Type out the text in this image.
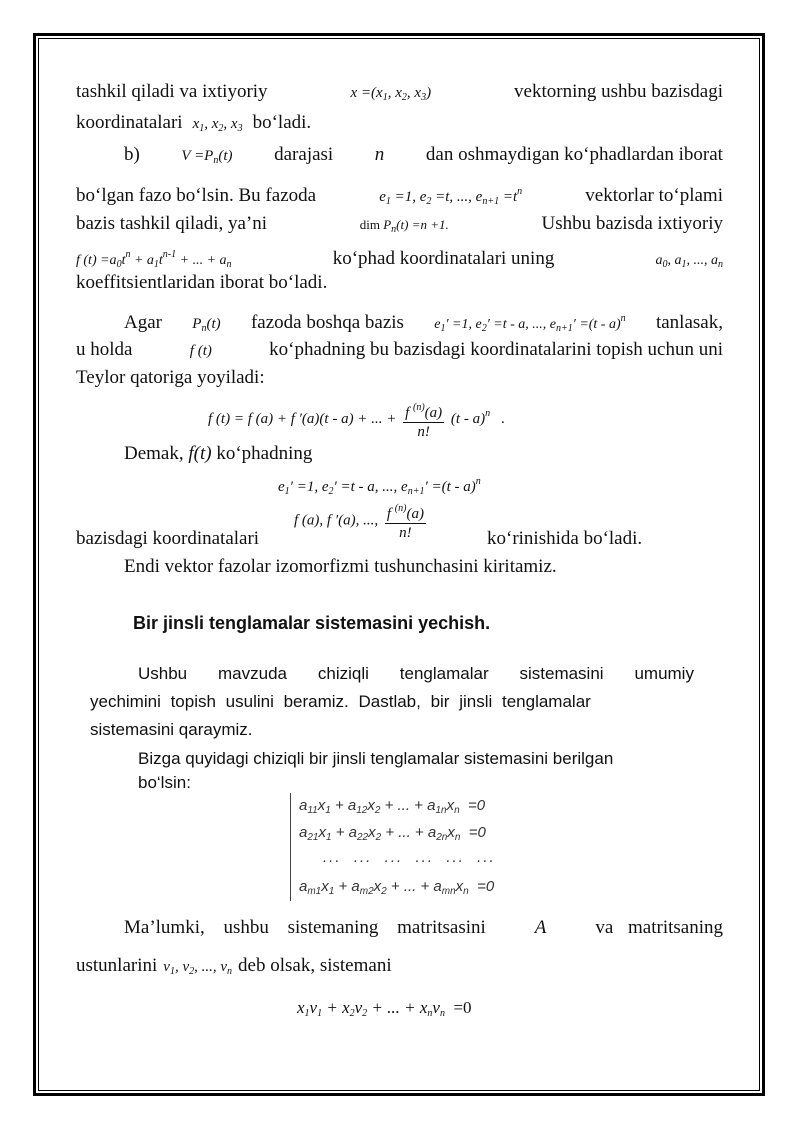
tashkil qiladi va ixtiyoriy	$x =(x_1$, $x_2$, $x_3$)	vektorning ushbu bazisdagi
koordinatalari $x_1$, $x_2$, $x_3$ bo‘ladi.
b)	$V =P_n(t)$ darajasi n dan oshmaydigan ko‘phadlardan iborat
bo‘lgan fazo bo‘lsin. Bu fazoda	$e_1 =1$, $e_2 =t$, ..., $e_{n+1} =t^n$	vektorlar to‘plami
bazis tashkil qiladi, ya’ni	dim $P_n(t) =n +1$.	Ushbu bazisda ixtiyoriy
f $(t) =a_0t^n + a_1t^{n-1}$ + ... + $a_n$	ko‘phad koordinatalari uning	$a_0$, $a_1$, ..., $a_n$
koeffitsientlaridan iborat bo‘ladi.
Agar $P_n(t)$ fazoda boshqa bazis $e_1' =1$, $e_2' =t - a$, ..., $e_{n+1}' =(t - a)^n$ tanlasak,
u holda	f (t)	ko‘phadning bu bazisdagi koordinatalarini topish uchun uni
Teylor qatoriga yoyiladi:
f (t) = f (a) + f ′(a)(t - a) + ... + $\frac{f ^{(n)}(a)}{n!} (t - a)^n$   .
Demak, f(t) ko‘phadning
$e_1' =1$, $e_2' =t - a$, ..., $e_{n+1}' =(t - a)^n$
bazisdagi koordinatalari
f (a), f ′(a), ..., $\frac{f ^{(n)}(a)}{n!}$	ko‘rinishida bo‘ladi.
Endi vektor fazolar izomorfizmi tushunchasini kiritamiz.
Bir jinsli tenglamalar sistemasini yechish.
Ushbu mavzuda chiziqli tenglamalar sistemasini umumiy
yechimini topish usulini beramiz. Dastlab, bir jinsli tenglamalar
sistemasini qaraymiz.
Bizga quyidagi chiziqli bir jinsli tenglamalar sistemasini berilgan
bo‘lsin:
$a_{11}x_1 + a_{12}x_2$ + ... + $a_{1n}x_n =0$
$a_{21}x_1 + a_{22}x_2$ + ... + $a_{2n}x_n =0$
...  ...  ...  ...  ...  ...
$a_{m1}x_1 + a_{m2}x_2$ + ... + $a_{mn}x_n =0$
Ma’lumki, ushbu sistemaning matritsasini	A	va matritsaning
ustunlarini $v_1$, $v_2$, ..., $v_n$ deb olsak, sistemani
$x_1v_1 + x_2v_2$ + ... + $x_nv_n =0$
